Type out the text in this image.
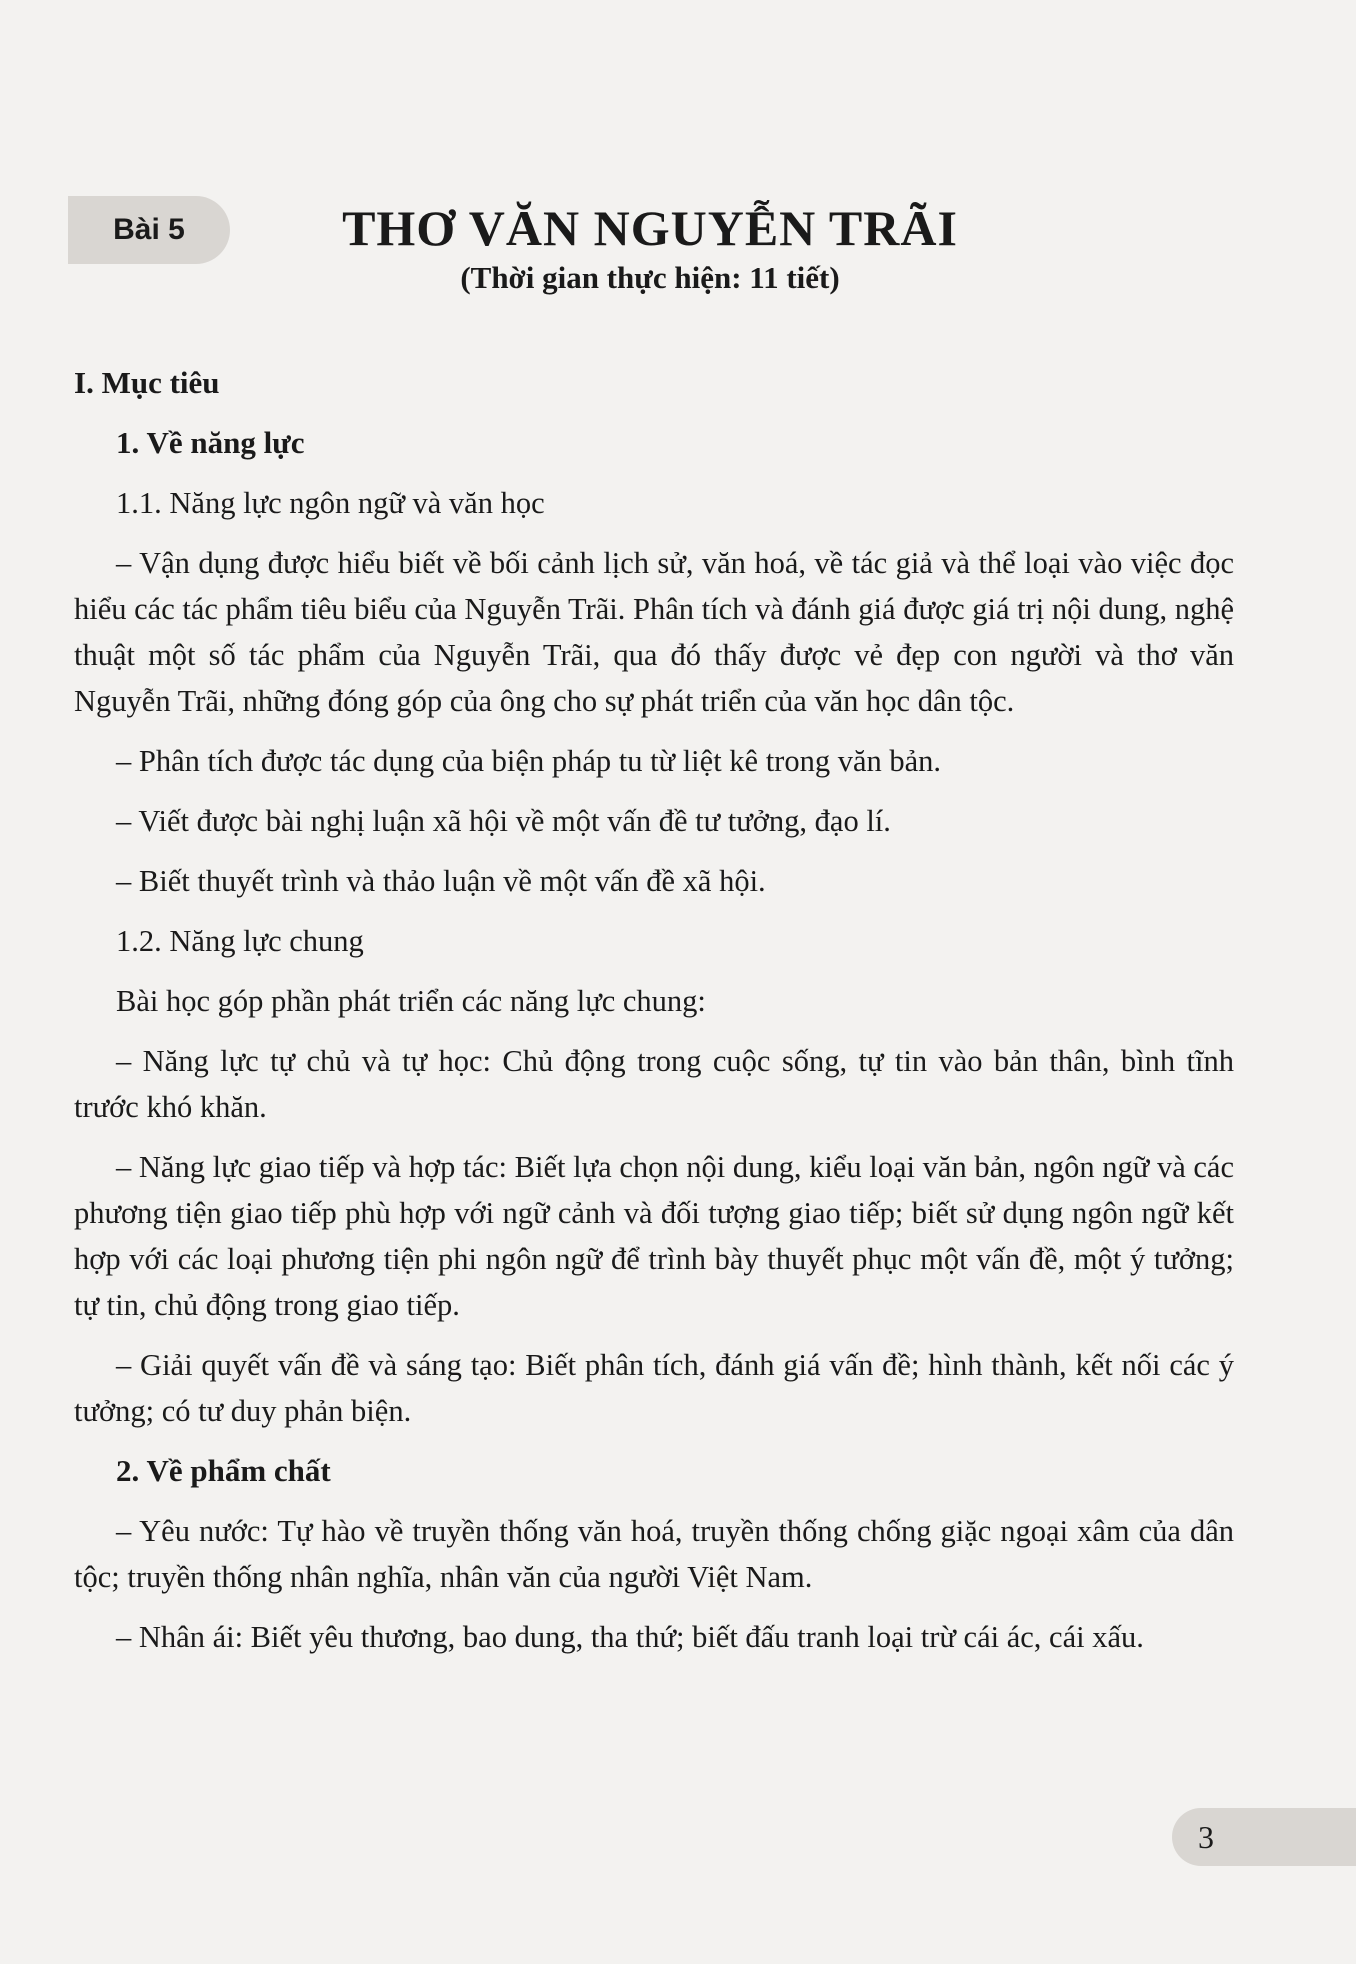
Bài 5	THƠ VĂN NGUYỄN TRÃI
(Thời gian thực hiện: 11 tiết)
I. Mục tiêu
1. Về năng lực

1.1. Năng lực ngôn ngữ và văn học

– Vận dụng được hiểu biết về bối cảnh lịch sử, văn hoá, về tác giả và thể loại vào việc đọc hiểu các tác phẩm tiêu biểu của Nguyễn Trãi. Phân tích và đánh giá được giá trị nội dung, nghệ thuật một số tác phẩm của Nguyễn Trãi, qua đó thấy được vẻ đẹp con người và thơ văn Nguyễn Trãi, những đóng góp của ông cho sự phát triển của văn học dân tộc.

– Phân tích được tác dụng của biện pháp tu từ liệt kê trong văn bản.

– Viết được bài nghị luận xã hội về một vấn đề tư tưởng, đạo lí.

– Biết thuyết trình và thảo luận về một vấn đề xã hội.

1.2. Năng lực chung

Bài học góp phần phát triển các năng lực chung:

– Năng lực tự chủ và tự học: Chủ động trong cuộc sống, tự tin vào bản thân, bình tĩnh trước khó khăn.

– Năng lực giao tiếp và hợp tác: Biết lựa chọn nội dung, kiểu loại văn bản, ngôn ngữ và các phương tiện giao tiếp phù hợp với ngữ cảnh và đối tượng giao tiếp; biết sử dụng ngôn ngữ kết hợp với các loại phương tiện phi ngôn ngữ để trình bày thuyết phục một vấn đề, một ý tưởng; tự tin, chủ động trong giao tiếp.

– Giải quyết vấn đề và sáng tạo: Biết phân tích, đánh giá vấn đề; hình thành, kết nối các ý tưởng; có tư duy phản biện.

2. Về phẩm chất

– Yêu nước: Tự hào về truyền thống văn hoá, truyền thống chống giặc ngoại xâm của dân tộc; truyền thống nhân nghĩa, nhân văn của người Việt Nam.

– Nhân ái: Biết yêu thương, bao dung, tha thứ; biết đấu tranh loại trừ cái ác, cái xấu.

3
